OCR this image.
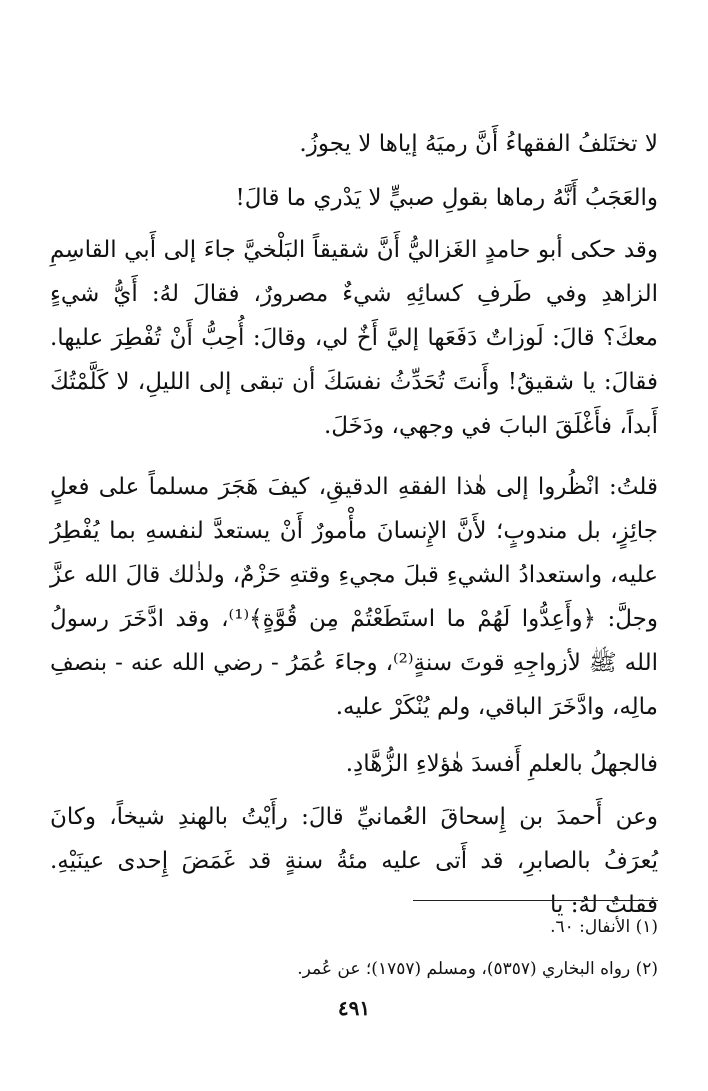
لا تختَلفُ الفقهاءُ أَنَّ رميَهُ إياها لا يجوزُ.

والعَجَبُ أَنَّهُ رماها بقولِ صبيٍّ لا يَدْري ما قالَ!

وقد حكى أبو حامدٍ الغَزاليُّ أَنَّ شقيقاً البَلْخيَّ جاءَ إلى أَبي القاسِمِ الزاهدِ وفي طَرفِ كسائِهِ شيءٌ مصرورٌ، فقالَ لهُ: أَيُّ شيءٍ معكَ؟ قالَ: لَوزاتٌ دَفَعَها إليَّ أَخٌ لي، وقالَ: أُحِبُّ أَنْ تُفْطِرَ عليها. فقالَ: يا شقيقُ! وأَنتَ تُحَدِّثُ نفسَكَ أن تبقى إلى الليلِ، لا كَلَّمْتُكَ أَبداً، فأَغْلَقَ البابَ في وجهي، ودَخَلَ.

قلتُ: انْظُروا إلى هٰذا الفقهِ الدقيقِ، كيفَ هَجَرَ مسلماً على فعلٍ جائِزٍ، بل مندوبٍ؛ لأَنَّ الإِنسانَ مأْمورٌ أَنْ يستعدَّ لنفسهِ بما يُفْطِرُ عليه، واستعدادُ الشيءِ قبلَ مجيءِ وقتهِ حَزْمٌ، ولذٰلك قالَ الله عزَّ وجلَّ: ﴿وأَعِدُّوا لَهُمْ ما استَطَعْتُمْ مِن قُوَّةٍ﴾⁽¹⁾، وقد ادَّخَرَ رسولُ الله ﷺ لأزواجِهِ قوتَ سنةٍ⁽²⁾، وجاءَ عُمَرُ - رضي الله عنه - بنصفِ مالِه، وادَّخَرَ الباقي، ولم يُنْكَرْ عليه.

فالجهلُ بالعلمِ أَفسدَ هٰؤلاءِ الزُّهَّادِ.

وعن أَحمدَ بن إِسحاقَ العُمانيِّ قالَ: رأَيْتُ بالهندِ شيخاً، وكانَ يُعرَفُ بالصابرِ، قد أَتى عليه مئةُ سنةٍ قد غَمَضَ إِحدى عينَيْهِ. فقلتُ لهُ: يا

(١) الأنفال: ٦٠.

(٢) رواه البخاري (٥٣٥٧)، ومسلم (١٧٥٧)؛ عن عُمر.

٤٩١
